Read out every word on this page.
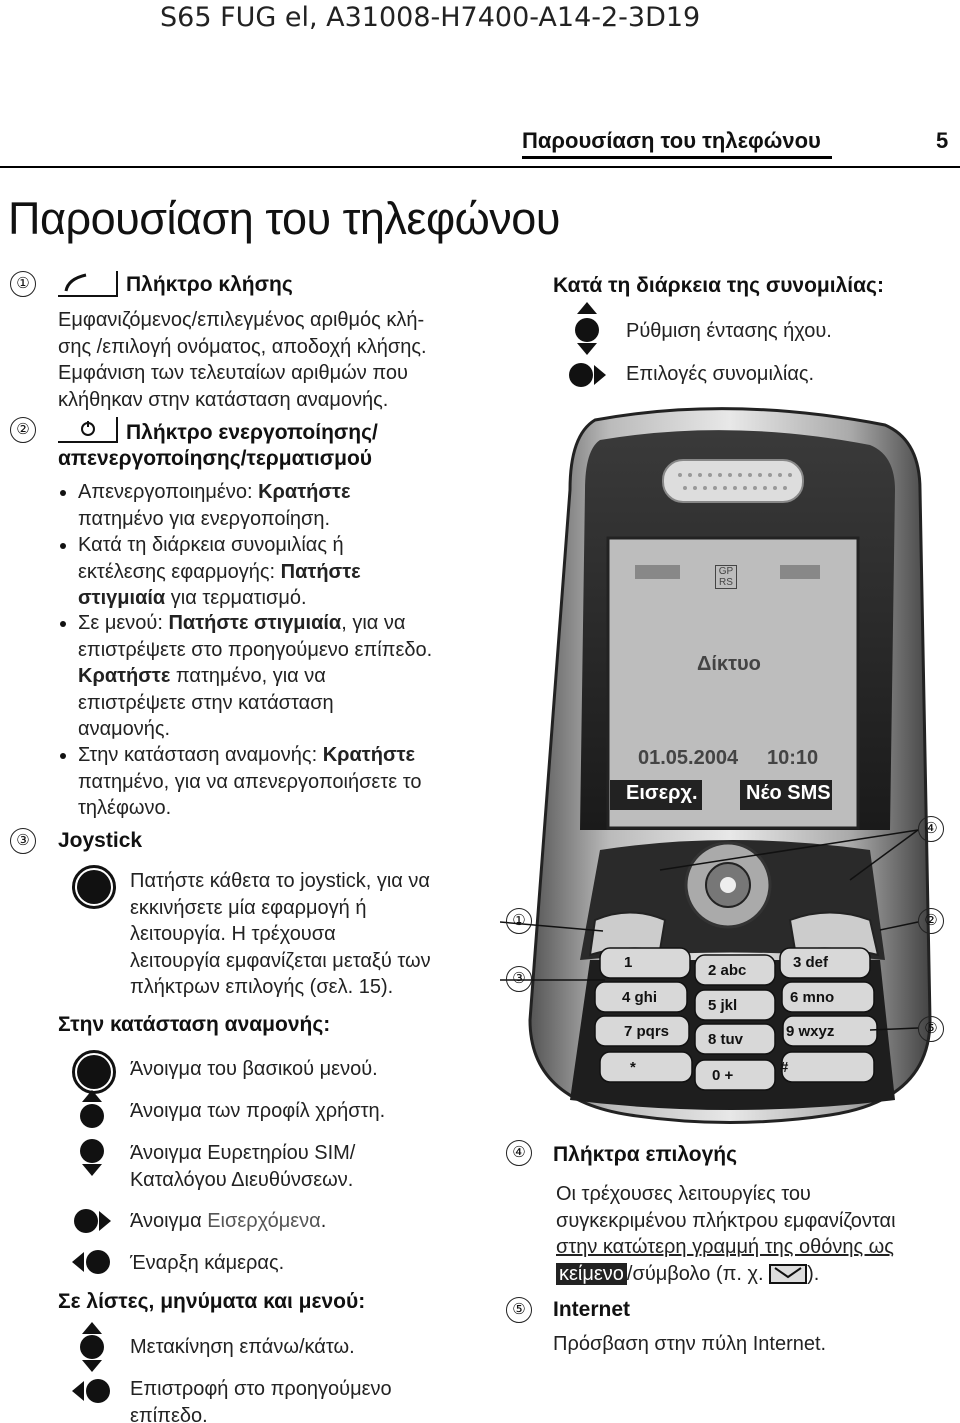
S65 FUG el, A31008-H7400-A14-2-3D19
Παρουσίαση του τηλεφώνου	5
Παρουσίαση του τηλεφώνου
①	Πλήκτρο κλήσης
Εμφανιζόμενος/επιλεγμένος αριθμός κλή-
σης /επιλογή ονόματος, αποδοχή κλήσης.
Εμφάνιση των τελευταίων αριθμών που
κλήθηκαν στην κατάσταση αναμονής.
②	Πλήκτρο ενεργοποίησης/
απενεργοποίησης/τερματισμού
Απενεργοποιημένο: Κρατήστε
πατημένο για ενεργοποίηση.
Κατά τη διάρκεια συνομιλίας ή
εκτέλεσης εφαρμογής: Πατήστε
στιγμιαία για τερματισμό.
Σε μενού: Πατήστε στιγμιαία, για να
επιστρέψετε στο προηγούμενο επίπεδο.
Κρατήστε πατημένο, για να
επιστρέψετε στην κατάσταση
αναμονής.
Στην κατάσταση αναμονής: Κρατήστε
πατημένο, για να απενεργοποιήσετε το
τηλέφωνο.
③ Joystick
Πατήστε κάθετα το joystick, για να
εκκινήσετε μία εφαρμογή ή
λειτουργία. Η τρέχουσα
λειτουργία εμφανίζεται μεταξύ των
πλήκτρων επιλογής (σελ. 15).
Στην κατάσταση αναμονής:
Άνοιγμα του βασικού μενού.
Άνοιγμα των προφίλ χρήστη.
Άνοιγμα Ευρετηρίου SIM/
Καταλόγου Διευθύνσεων.
Άνοιγμα Εισερχόμενα.
Έναρξη κάμερας.
Σε λίστες, μηνύματα και μενού:
Μετακίνηση επάνω/κάτω.
Επιστροφή στο προηγούμενο
επίπεδο.
Κατά τη διάρκεια της συνομιλίας:
Ρύθμιση έντασης ήχου.
Επιλογές συνομιλίας.
GP RS
Δίκτυο
01.05.2004 10:10
Εισερχ. Νέο SMS
1	2 abc	3 def
4 ghi	5 jkl	6 mno
7 pqrs	8 tuv	9 wxyz
*	0 +	#
①	②
③
④
⑤
④ Πλήκτρα επιλογής
Οι τρέχουσες λειτουργίες του
συγκεκριμένου πλήκτρου εμφανίζονται
στην κατώτερη γραμμή της οθόνης ως
κείμενο /σύμβολο (π. χ.
).
⑤ Internet
Πρόσβαση στην πύλη Internet.
